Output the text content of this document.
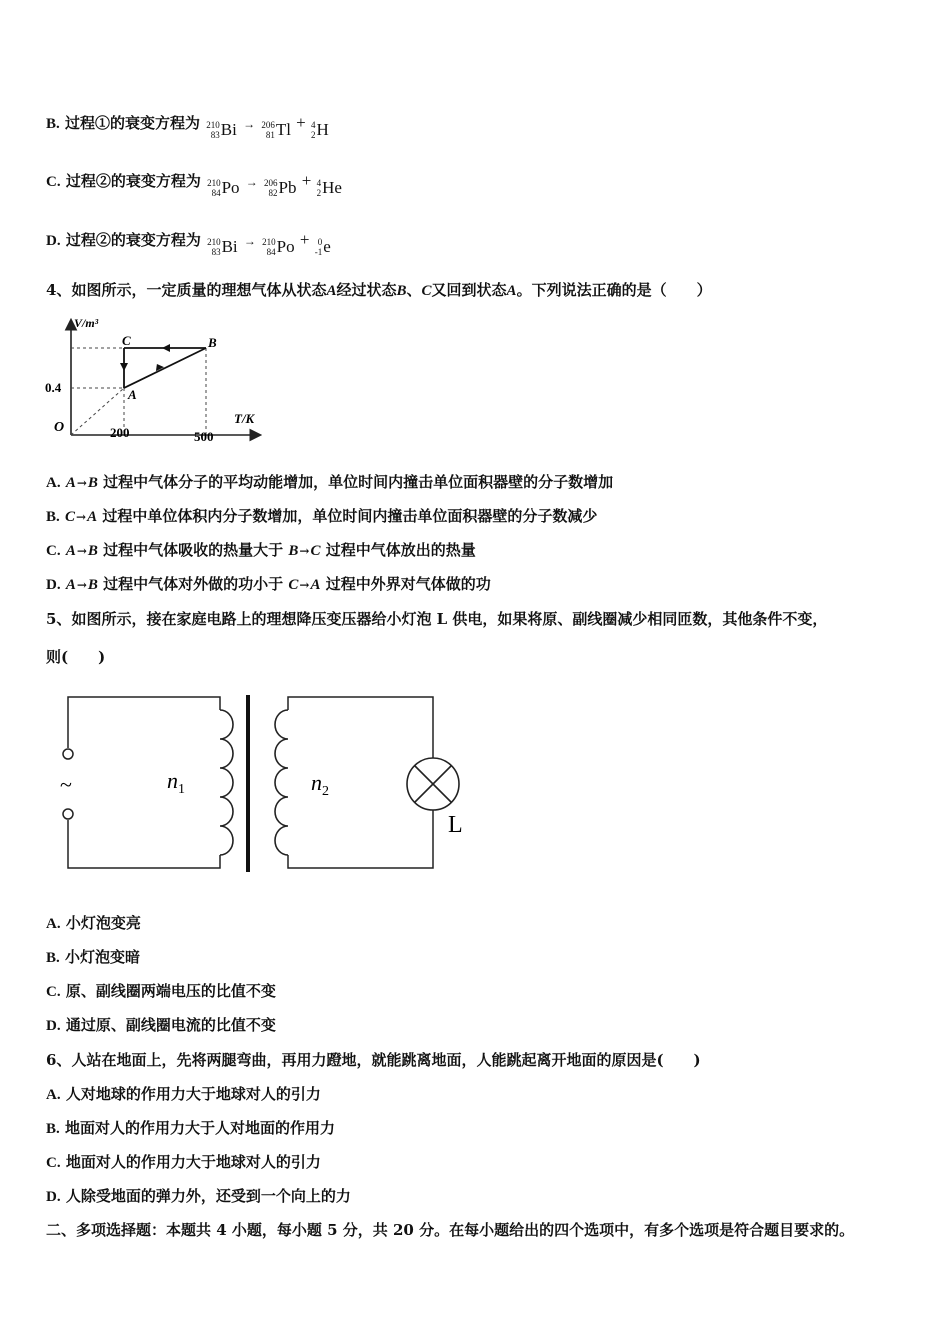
B. 过程①的衰变方程为 210
83 Bi → 206
81 Tl + 4
2 H
C. 过程②的衰变方程为 210
84 Po → 206
82 Pb + 4
2 He
D. 过程②的衰变方程为 210
83 Bi → 210
84 Po + 0
-1 e
4、如图所示，一定质量的理想气体从状态A经过状态B、C又回到状态A。下列说法正确的是（　　）
V/m³
T/K
O
0.4
200	500
A
B
C
A. A→B 过程中气体分子的平均动能增加，单位时间内撞击单位面积器壁的分子数增加
B. C→A 过程中单位体积内分子数增加，单位时间内撞击单位面积器壁的分子数减少
C. A→B 过程中气体吸收的热量大于 B→C 过程中气体放出的热量
D. A→B 过程中气体对外做的功小于 C→A 过程中外界对气体做的功
5、如图所示，接在家庭电路上的理想降压变压器给小灯泡 L 供电，如果将原、副线圈减少相同匝数，其他条件不变，
则(　　)
~	$n_1$	$n_2$
L
A. 小灯泡变亮
B. 小灯泡变暗
C. 原、副线圈两端电压的比值不变
D. 通过原、副线圈电流的比值不变
6、人站在地面上，先将两腿弯曲，再用力蹬地，就能跳离地面，人能跳起离开地面的原因是(　　)
A. 人对地球的作用力大于地球对人的引力
B. 地面对人的作用力大于人对地面的作用力
C. 地面对人的作用力大于地球对人的引力
D. 人除受地面的弹力外，还受到一个向上的力
二、多项选择题：本题共 4 小题，每小题 5 分，共 20 分。在每小题给出的四个选项中，有多个选项是符合题目要求的。
